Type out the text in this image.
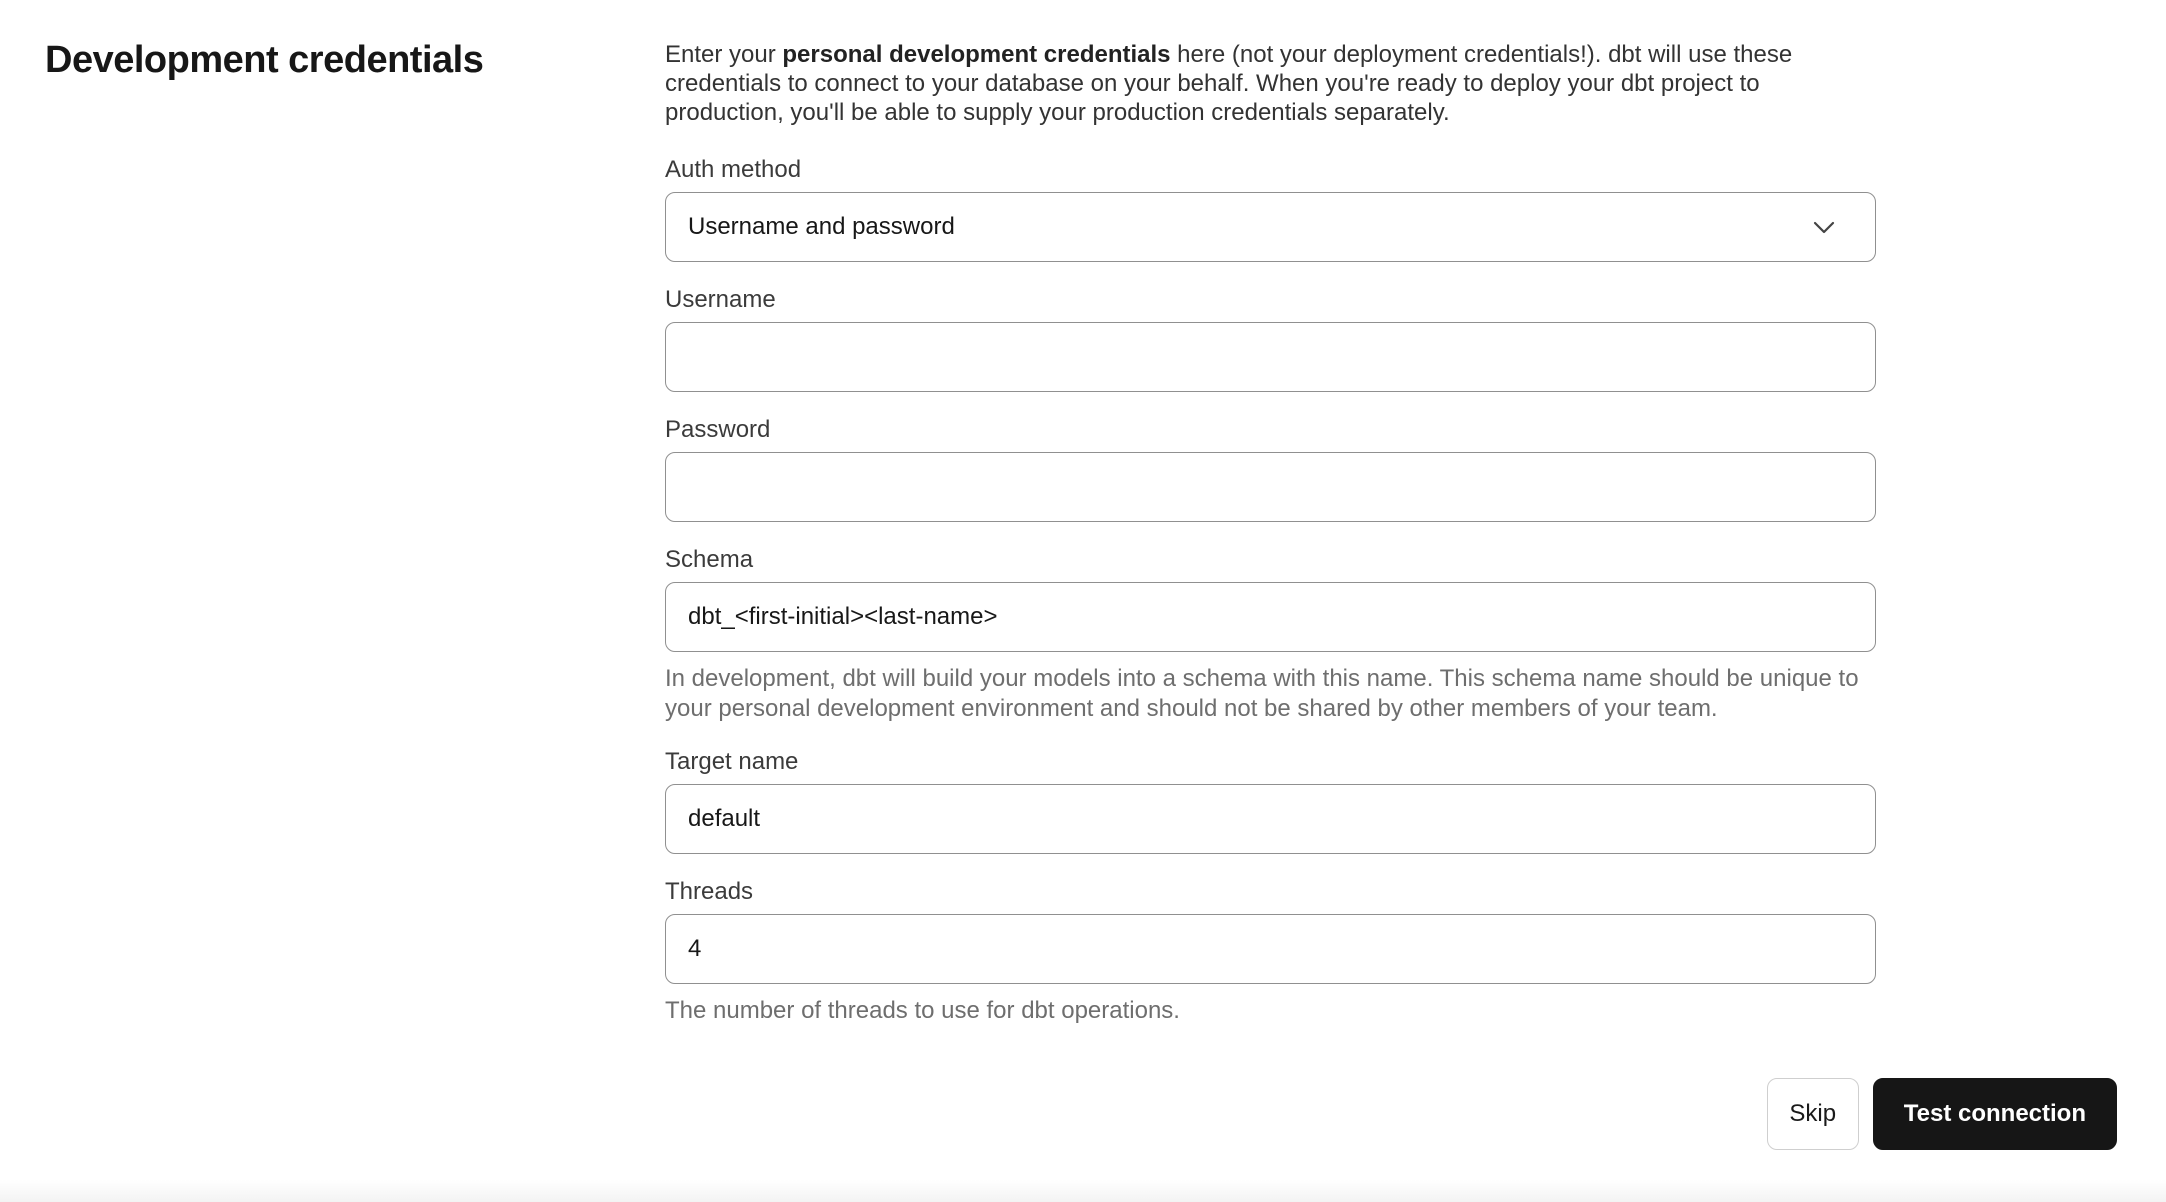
Development credentials	Enter your personal development credentials here (not your deployment credentials!). dbt will use these credentials to connect to your database on your behalf. When you're ready to deploy your dbt project to production, you'll be able to supply your production credentials separately.

Auth method
Username and password
Username
Password
Schema
dbt_<first-initial><last-name>
In development, dbt will build your models into a schema with this name. This schema name should be unique to your personal development environment and should not be shared by other members of your team.
Target name
default
Threads
4
The number of threads to use for dbt operations.
Skip	Test connection
